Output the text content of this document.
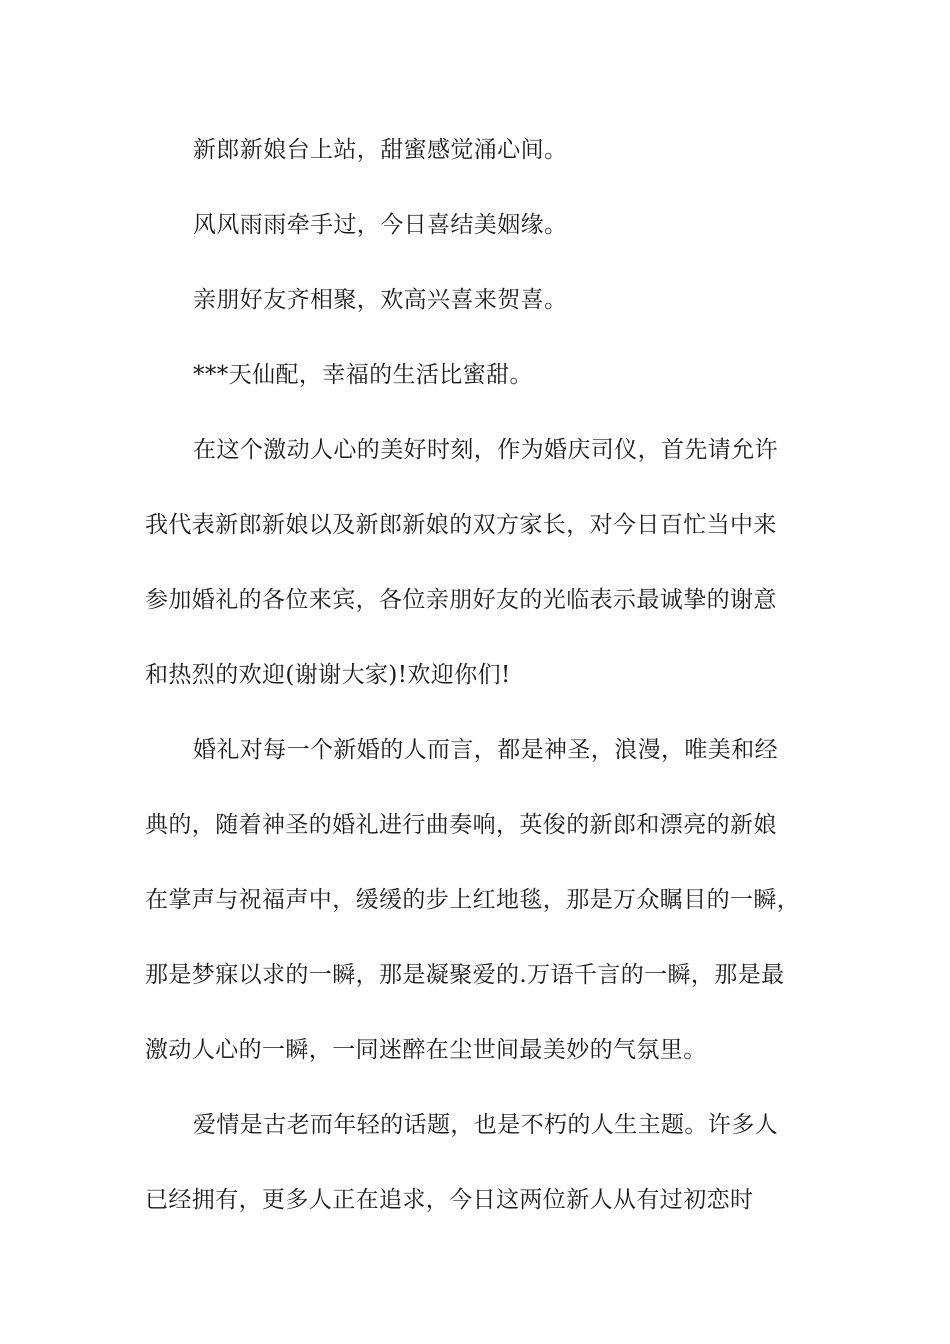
新郎新娘台上站，甜蜜感觉涌心间。
风风雨雨牵手过，今日喜结美姻缘。
亲朋好友齐相聚，欢高兴喜来贺喜。
***天仙配，幸福的生活比蜜甜。
在这个激动人心的美好时刻，作为婚庆司仪，首先请允许
我代表新郎新娘以及新郎新娘的双方家长，对今日百忙当中来
参加婚礼的各位来宾，各位亲朋好友的光临表示最诚挚的谢意
和热烈的欢迎(谢谢大家)!欢迎你们!
婚礼对每一个新婚的人而言，都是神圣，浪漫，唯美和经
典的，随着神圣的婚礼进行曲奏响，英俊的新郎和漂亮的新娘
在掌声与祝福声中，缓缓的步上红地毯，那是万众瞩目的一瞬，
那是梦寐以求的一瞬，那是凝聚爱的.万语千言的一瞬，那是最
激动人心的一瞬，一同迷醉在尘世间最美妙的气氛里。
爱情是古老而年轻的话题，也是不朽的人生主题。许多人
已经拥有，更多人正在追求，今日这两位新人从有过初恋时
